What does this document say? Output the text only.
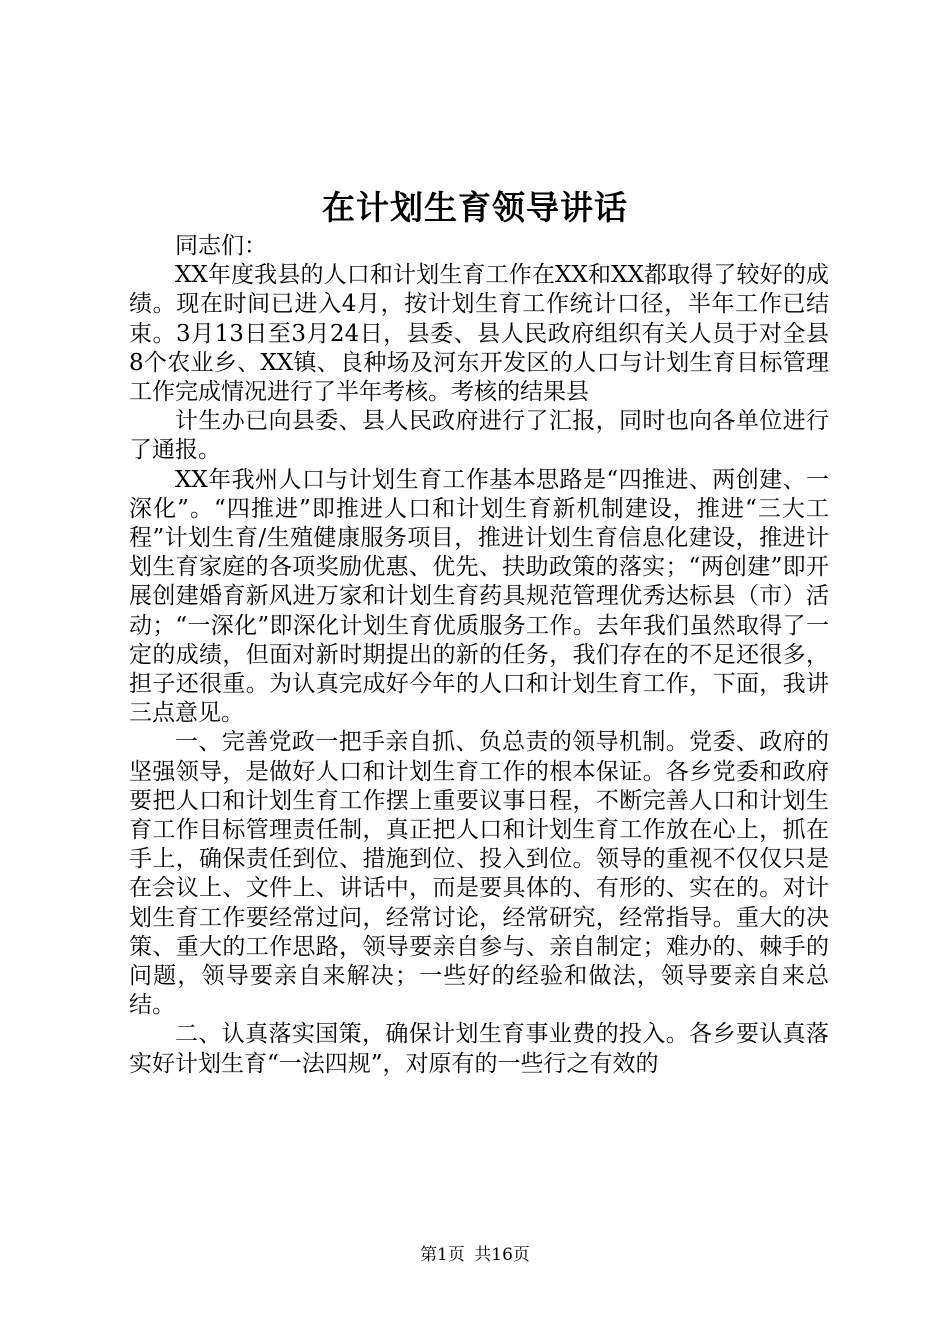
在计划生育领导讲话

同志们：

XX年度我县的人口和计划生育工作在XX和XX都取得了较好的成绩。现在时间已进入4月，按计划生育工作统计口径，半年工作已结束。3月13日至3月24日，县委、县人民政府组织有关人员于对全县8个农业乡、XX镇、良种场及河东开发区的人口与计划生育目标管理工作完成情况进行了半年考核。考核的结果县

计生办已向县委、县人民政府进行了汇报，同时也向各单位进行了通报。

XX年我州人口与计划生育工作基本思路是“四推进、两创建、一深化”。“四推进”即推进人口和计划生育新机制建设，推进“三大工程”计划生育/生殖健康服务项目，推进计划生育信息化建设，推进计划生育家庭的各项奖励优惠、优先、扶助政策的落实；“两创建”即开展创建婚育新风进万家和计划生育药具规范管理优秀达标县（市）活动；“一深化”即深化计划生育优质服务工作。去年我们虽然取得了一定的成绩，但面对新时期提出的新的任务，我们存在的不足还很多，担子还很重。为认真完成好今年的人口和计划生育工作，下面，我讲三点意见。

一、完善党政一把手亲自抓、负总责的领导机制。党委、政府的坚强领导，是做好人口和计划生育工作的根本保证。各乡党委和政府要把人口和计划生育工作摆上重要议事日程，不断完善人口和计划生育工作目标管理责任制，真正把人口和计划生育工作放在心上，抓在手上，确保责任到位、措施到位、投入到位。领导的重视不仅仅只是在会议上、文件上、讲话中，而是要具体的、有形的、实在的。对计划生育工作要经常过问，经常讨论，经常研究，经常指导。重大的决策、重大的工作思路，领导要亲自参与、亲自制定；难办的、棘手的问题，领导要亲自来解决；一些好的经验和做法，领导要亲自来总结。

二、认真落实国策，确保计划生育事业费的投入。各乡要认真落实好计划生育“一法四规”，对原有的一些行之有效的

第1页 共16页
